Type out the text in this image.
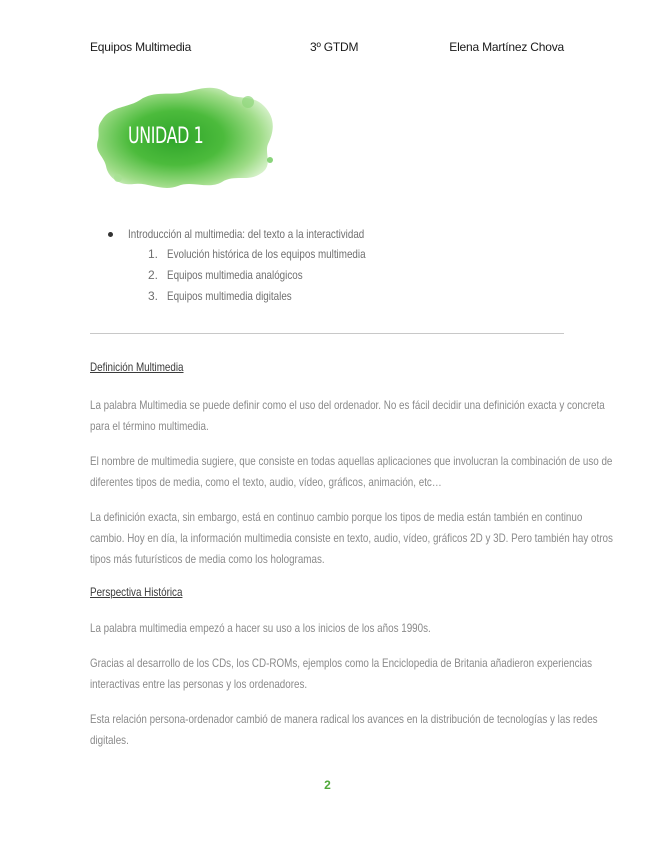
Equipos Multimedia	3º GTDM	Elena Martínez Chova
UNIDAD 1
Introducción al multimedia: del texto a la interactividad
1. Evolución histórica de los equipos multimedia
2. Equipos multimedia analógicos
3. Equipos multimedia digitales
Definición Multimedia

La palabra Multimedia se puede definir como el uso del ordenador. No es fácil decidir una definición exacta y concreta
para el término multimedia.

El nombre de multimedia sugiere, que consiste en todas aquellas aplicaciones que involucran la combinación de uso de
diferentes tipos de media, como el texto, audio, vídeo, gráficos, animación, etc…

La definición exacta, sin embargo, está en continuo cambio porque los tipos de media están también en continuo
cambio. Hoy en día, la información multimedia consiste en texto, audio, vídeo, gráficos 2D y 3D. Pero también hay otros
tipos más futurísticos de media como los hologramas.

Perspectiva Histórica

La palabra multimedia empezó a hacer su uso a los inicios de los años 1990s.

Gracias al desarrollo de los CDs, los CD-ROMs, ejemplos como la Enciclopedia de Britania añadieron experiencias
interactivas entre las personas y los ordenadores.

Esta relación persona-ordenador cambió de manera radical los avances en la distribución de tecnologías y las redes
digitales.

2
